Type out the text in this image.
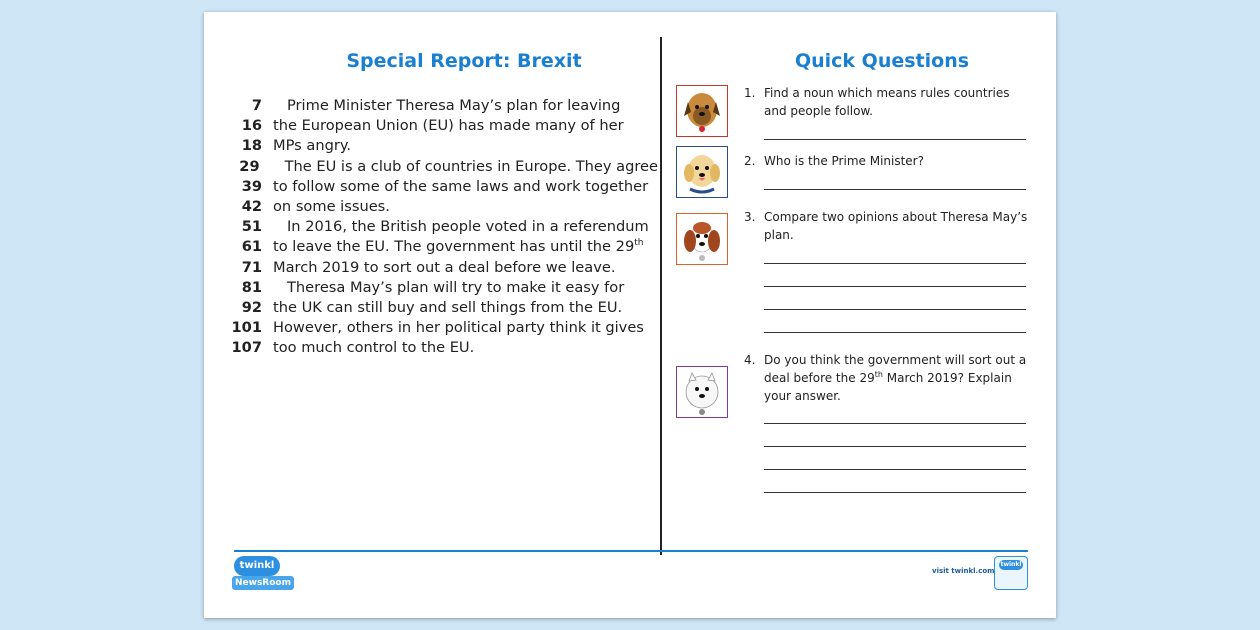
Special Report: Brexit
7	Prime Minister Theresa May’s plan for leaving
16 the European Union (EU) has made many of her
18 MPs angry.
29	The EU is a club of countries in Europe. They agree
39 to follow some of the same laws and work together
42 on some issues.
51	In 2016, the British people voted in a referendum
61 to leave the EU. The government has until the 29th
71 March 2019 to sort out a deal before we leave.
81	Theresa May’s plan will try to make it easy for
92 the UK can still buy and sell things from the EU.
101 However, others in her political party think it gives
107 too much control to the EU.
Quick Questions
1. Find a noun which means rules countries and people follow.
2. Who is the Prime Minister?
3. Compare two opinions about Theresa May’s plan.
4. Do you think the government will sort out a deal before the 29th March 2019? Explain your answer.
twinkl
NewsRoom
visit twinkl.com
twinkl
